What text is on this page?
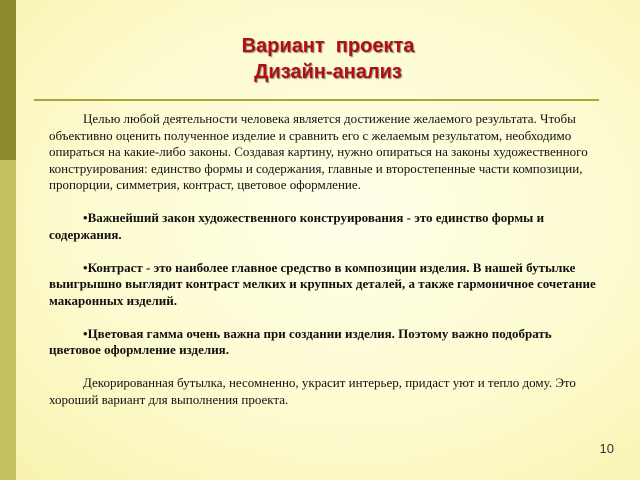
Вариант  проекта
Дизайн-анализ

Целью любой деятельности человека является достижение желаемого результата. Чтобы объективно оценить полученное изделие и сравнить его с желаемым результатом, необходимо опираться на какие-либо законы. Создавая картину, нужно опираться на законы художественного конструирования: единство формы и содержания, главные и второстепенные части композиции, пропорции, симметрия, контраст, цветовое оформление.

•Важнейший закон художественного конструирования - это единство формы и содержания.

•Контраст - это наиболее главное средство в композиции изделия. В нашей бутылке выигрышно выглядит контраст мелких и крупных деталей, а также гармоничное сочетание макаронных изделий.

•Цветовая гамма очень важна при создании изделия. Поэтому важно подобрать цветовое оформление изделия.

Декорированная бутылка, несомненно, украсит интерьер, придаст уют и тепло дому. Это хороший вариант для выполнения проекта.

10
